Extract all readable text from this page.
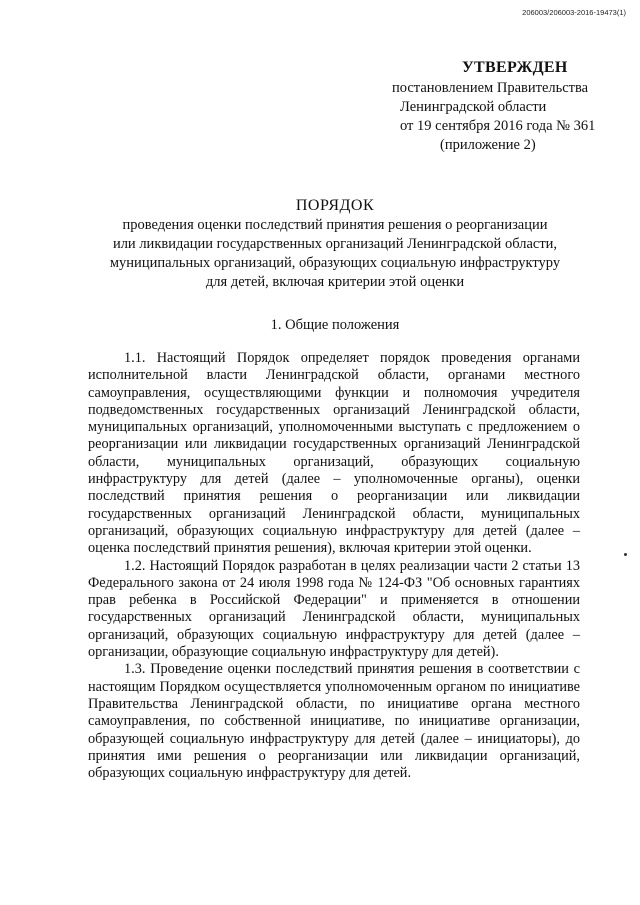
206003/206003-2016-19473(1)
УТВЕРЖДЕН
постановлением Правительства
Ленинградской области
от 19 сентября 2016 года № 361
(приложение 2)
ПОРЯДОК
проведения оценки последствий принятия решения о реорганизации
или ликвидации государственных организаций Ленинградской области,
муниципальных организаций, образующих социальную инфраструктуру
для детей, включая критерии этой оценки
1. Общие положения

1.1. Настоящий Порядок определяет порядок проведения органами исполнительной власти Ленинградской области, органами местного самоуправления, осуществляющими функции и полномочия учредителя подведомственных государственных организаций Ленинградской области, муниципальных организаций, уполномоченными выступать с предложением о реорганизации или ликвидации государственных организаций Ленинградской области, муниципальных организаций, образующих социальную инфраструктуру для детей (далее – уполномоченные органы), оценки последствий принятия решения о реорганизации или ликвидации государственных организаций Ленинградской области, муниципальных организаций, образующих социальную инфраструктуру для детей (далее – оценка последствий принятия решения), включая критерии этой оценки.

1.2. Настоящий Порядок разработан в целях реализации части 2 статьи 13 Федерального закона от 24 июля 1998 года № 124-ФЗ "Об основных гарантиях прав ребенка в Российской Федерации" и применяется в отношении государственных организаций Ленинградской области, муниципальных организаций, образующих социальную инфраструктуру для детей (далее – организации, образующие социальную инфраструктуру для детей).

1.3. Проведение оценки последствий принятия решения в соответствии с настоящим Порядком осуществляется уполномоченным органом по инициативе Правительства Ленинградской области, по инициативе органа местного самоуправления, по собственной инициативе, по инициативе организации, образующей социальную инфраструктуру для детей (далее – инициаторы), до принятия ими решения о реорганизации или ликвидации организаций, образующих социальную инфраструктуру для детей.
